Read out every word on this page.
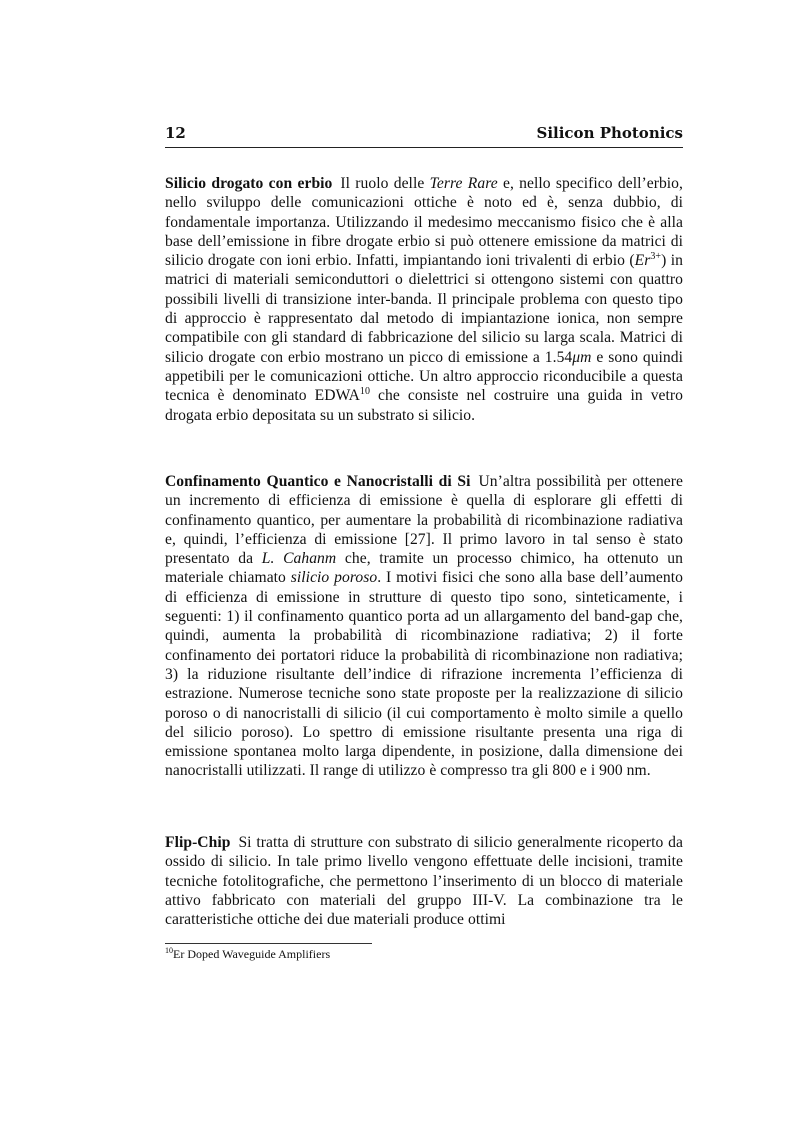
12	Silicon Photonics
Silicio drogato con erbio Il ruolo delle Terre Rare e, nello specifico dell’erbio, nello sviluppo delle comunicazioni ottiche è noto ed è, senza dubbio, di fondamentale importanza. Utilizzando il medesimo meccanismo fisico che è alla base dell’emissione in fibre drogate erbio si può ottenere emissione da matrici di silicio drogate con ioni erbio. Infatti, impiantando ioni trivalenti di erbio $(Er^{3+})$ in matrici di materiali semiconduttori o dielettrici si ottengono sistemi con quattro possibili livelli di transizione inter-banda. Il principale problema con questo tipo di approccio è rappresentato dal metodo di impiantazione ionica, non sempre compatibile con gli standard di fabbricazione del silicio su larga scala. Matrici di silicio drogate con erbio mostrano un picco di emissione a 1.54μm e sono quindi appetibili per le comunicazioni ottiche. Un altro approccio riconducibile a questa tecnica è denominato EDWA$^{10}$ che consiste nel costruire una guida in vetro drogata erbio depositata su un substrato si silicio.
Confinamento Quantico e Nanocristalli di Si Un’altra possibilità per ottenere un incremento di efficienza di emissione è quella di esplorare gli effetti di confinamento quantico, per aumentare la probabilità di ricombinazione radiativa e, quindi, l’efficienza di emissione [27]. Il primo lavoro in tal senso è stato presentato da L. Cahanm che, tramite un processo chimico, ha ottenuto un materiale chiamato silicio poroso. I motivi fisici che sono alla base dell’aumento di efficienza di emissione in strutture di questo tipo sono, sinteticamente, i seguenti: 1) il confinamento quantico porta ad un allargamento del band-gap che, quindi, aumenta la probabilità di ricombinazione radiativa; 2) il forte confinamento dei portatori riduce la probabilità di ricombinazione non radiativa; 3) la riduzione risultante dell’indice di rifrazione incrementa l’efficienza di estrazione. Numerose tecniche sono state proposte per la realizzazione di silicio poroso o di nanocristalli di silicio (il cui comportamento è molto simile a quello del silicio poroso). Lo spettro di emissione risultante presenta una riga di emissione spontanea molto larga dipendente, in posizione, dalla dimensione dei nanocristalli utilizzati. Il range di utilizzo è compresso tra gli 800 e i 900 nm.
Flip-Chip Si tratta di strutture con substrato di silicio generalmente ricoperto da ossido di silicio. In tale primo livello vengono effettuate delle incisioni, tramite tecniche fotolitografiche, che permettono l’inserimento di un blocco di materiale attivo fabbricato con materiali del gruppo III-V. La combinazione tra le caratteristiche ottiche dei due materiali produce ottimi
$^{10}$Er Doped Waveguide Amplifiers
